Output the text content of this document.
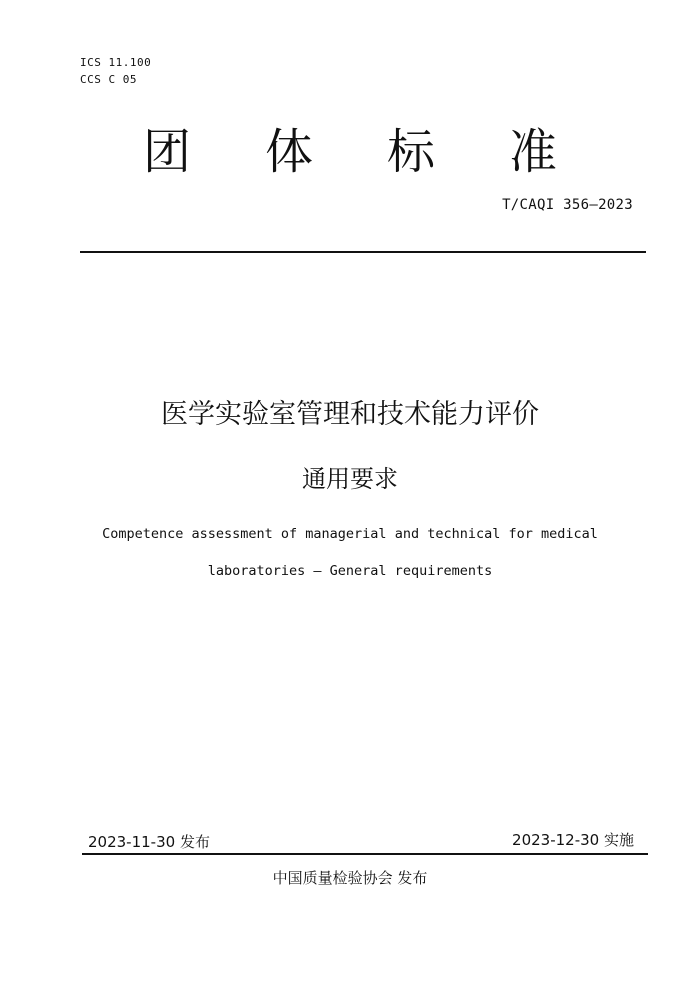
ICS 11.100
CCS C 05
团	体	标	准
T/CAQI 356—2023
医学实验室管理和技术能力评价
通用要求
Competence assessment of managerial and technical for medical
laboratories — General requirements
2023-11-30 发布	2023-12-30 实施
中国质量检验协会 发布
